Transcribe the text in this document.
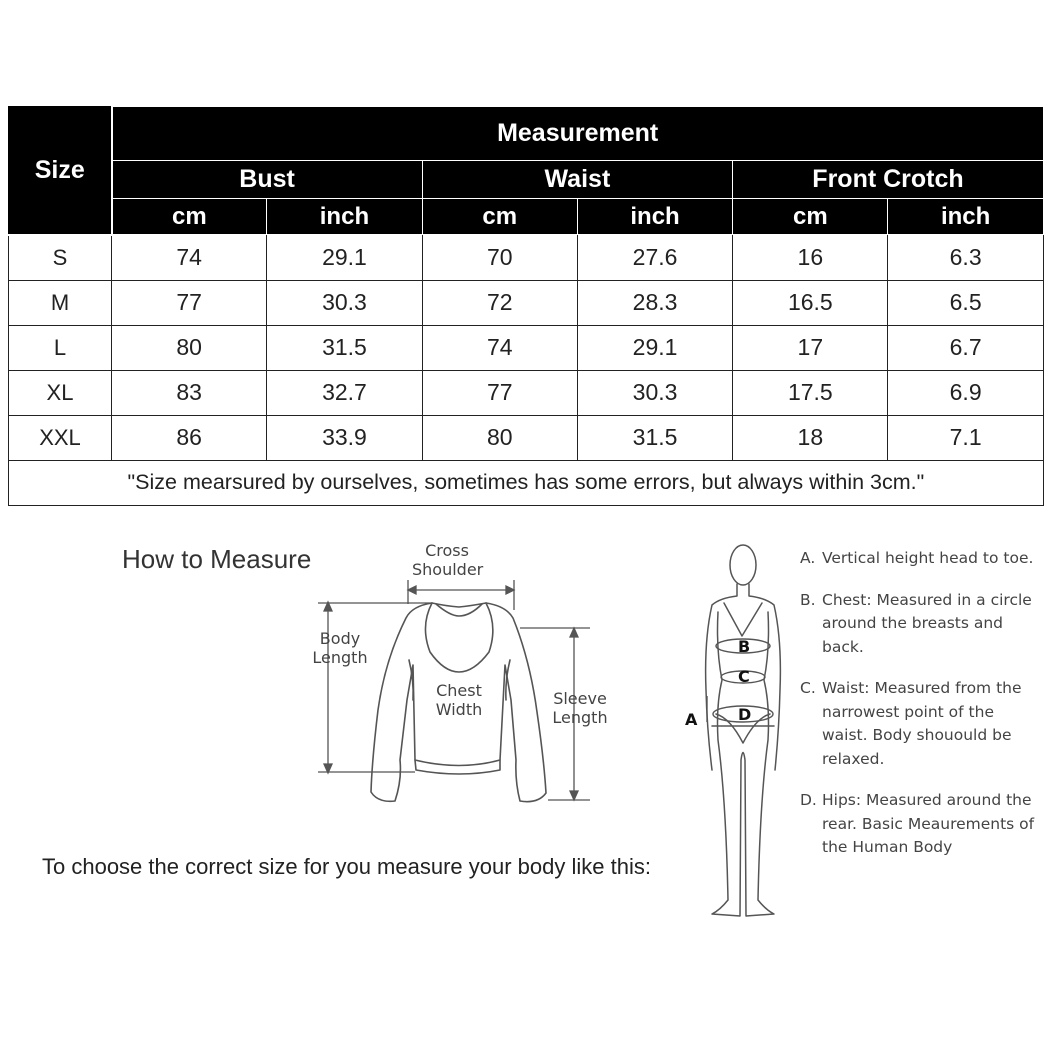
Size	Measurement					
	Bust		Waist		Front Crotch	
	cm	inch	cm	inch	cm	inch
S	74	29.1	70	27.6	16	6.3
M	77	30.3	72	28.3	16.5	6.5
L	80	31.5	74	29.1	17	6.7
XL	83	32.7	77	30.3	17.5	6.9
XXL	86	33.9	80	31.5	18	7.1
"Size mearsured by ourselves, sometimes has some errors, but always within 3cm."						
How to Measure	Cross
Shoulder
Body
Length
Chest
Width
Sleeve
Length
To choose the correct size for you measure your body like this:
A
B
C
D
A. Vertical height head to toe.
B. Chest: Measured in a circle around the breasts and back.
C. Waist: Measured from the narrowest point of the waist. Body shouould be relaxed.
D. Hips: Measured around the rear. Basic Meaurements of the Human Body
